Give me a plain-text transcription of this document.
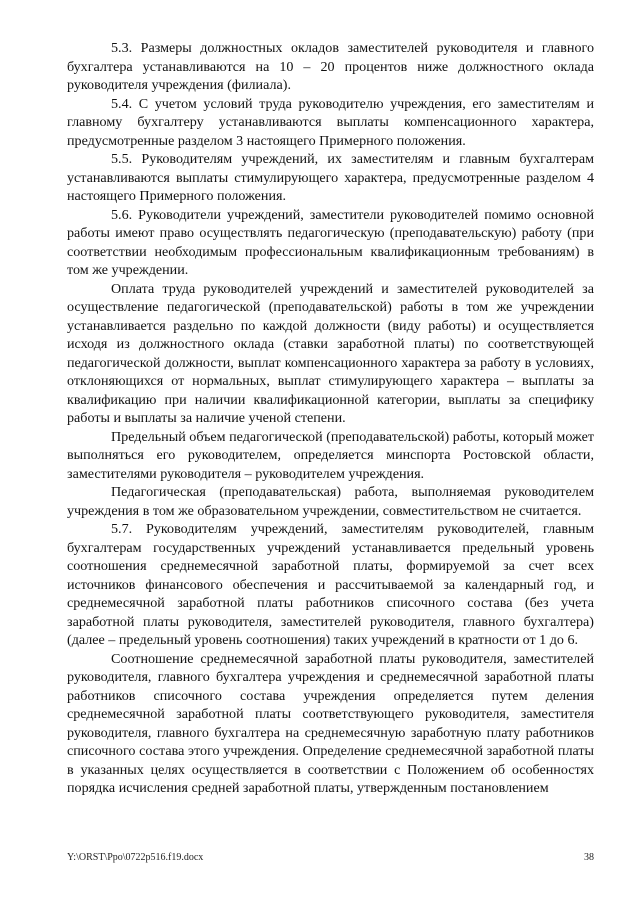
5.3. Размеры должностных окладов заместителей руководителя и главного бухгалтера устанавливаются на 10 – 20 процентов ниже должностного оклада руководителя учреждения (филиала).

5.4. С учетом условий труда руководителю учреждения, его заместителям и главному бухгалтеру устанавливаются выплаты компенсационного характера, предусмотренные разделом 3 настоящего Примерного положения.

5.5. Руководителям учреждений, их заместителям и главным бухгалтерам устанавливаются выплаты стимулирующего характера, предусмотренные разделом 4 настоящего Примерного положения.

5.6. Руководители учреждений, заместители руководителей помимо основной работы имеют право осуществлять педагогическую (преподавательскую) работу (при соответствии необходимым профессиональным квалификационным требованиям) в том же учреждении.

Оплата труда руководителей учреждений и заместителей руководителей за осуществление педагогической (преподавательской) работы в том же учреждении устанавливается раздельно по каждой должности (виду работы) и осуществляется исходя из должностного оклада (ставки заработной платы) по соответствующей педагогической должности, выплат компенсационного характера за работу в условиях, отклоняющихся от нормальных, выплат стимулирующего характера – выплаты за квалификацию при наличии квалификационной категории, выплаты за специфику работы и выплаты за наличие ученой степени.

Предельный объем педагогической (преподавательской) работы, который может выполняться его руководителем, определяется минспорта Ростовской области, заместителями руководителя – руководителем учреждения.

Педагогическая (преподавательская) работа, выполняемая руководителем учреждения в том же образовательном учреждении, совместительством не считается.

5.7. Руководителям учреждений, заместителям руководителей, главным бухгалтерам государственных учреждений устанавливается предельный уровень соотношения среднемесячной заработной платы, формируемой за счет всех источников финансового обеспечения и рассчитываемой за календарный год, и среднемесячной заработной платы работников списочного состава (без учета заработной платы руководителя, заместителей руководителя, главного бухгалтера) (далее – предельный уровень соотношения) таких учреждений в кратности от 1 до 6.

Соотношение среднемесячной заработной платы руководителя, заместителей руководителя, главного бухгалтера учреждения и среднемесячной заработной платы работников списочного состава учреждения определяется путем деления среднемесячной заработной платы соответствующего руководителя, заместителя руководителя, главного бухгалтера на среднемесячную заработную плату работников списочного состава этого учреждения. Определение среднемесячной заработной платы в указанных целях осуществляется в соответствии с Положением об особенностях порядка исчисления средней заработной платы, утвержденным постановлением

Y:\ORST\Ppo\0722p516.f19.docx	38
